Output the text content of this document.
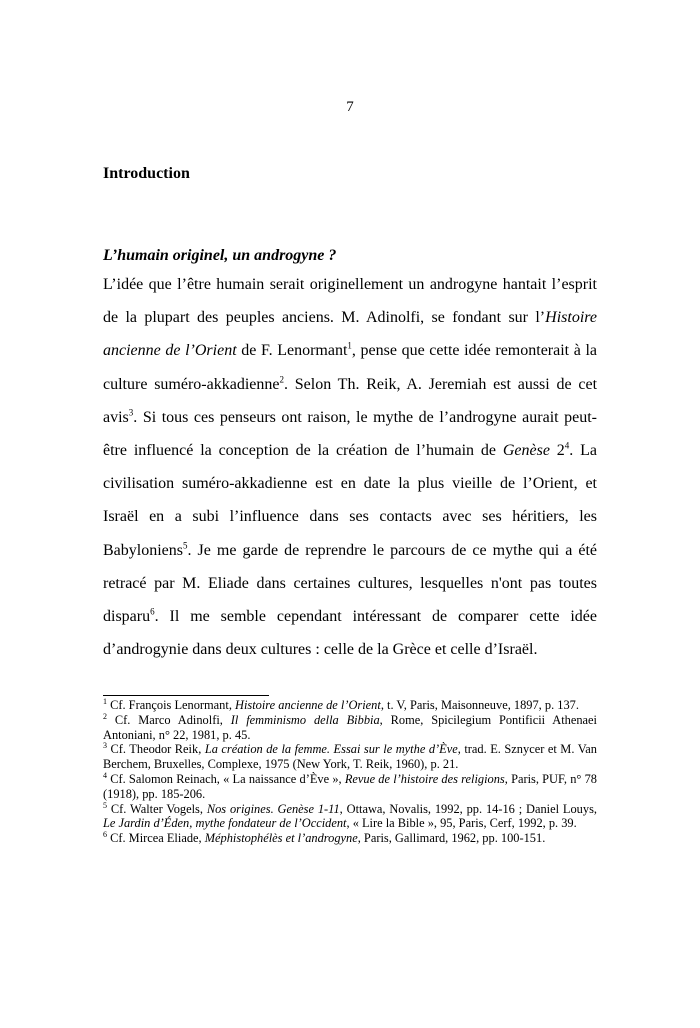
7
Introduction
L’humain originel, un androgyne ?

L’idée que l’être humain serait originellement un androgyne hantait l’esprit de la plupart des peuples anciens. M. Adinolfi, se fondant sur l’Histoire ancienne de l’Orient de F. Lenormant$^1$, pense que cette idée remonterait à la culture suméro-akkadienne$^2$. Selon Th. Reik, A. Jeremiah est aussi de cet avis$^3$. Si tous ces penseurs ont raison, le mythe de l’androgyne aurait peut-être influencé la conception de la création de l’humain de Genèse $2^4$. La civilisation suméro-akkadienne est en date la plus vieille de l’Orient, et Israël en a subi l’influence dans ses contacts avec ses héritiers, les Babyloniens$^5$. Je me garde de reprendre le parcours de ce mythe qui a été retracé par M. Eliade dans certaines cultures, lesquelles n'ont pas toutes disparu$^6$. Il me semble cependant intéressant de comparer cette idée d’androgynie dans deux cultures : celle de la Grèce et celle d’Israël.

$^1$ Cf. François Lenormant, Histoire ancienne de l’Orient, t. V, Paris, Maisonneuve, 1897, p. 137.

$^2$ Cf. Marco Adinolfi, Il femminismo della Bibbia, Rome, Spicilegium Pontificii Athenaei Antoniani, n° 22, 1981, p. 45.

$^3$ Cf. Theodor Reik, La création de la femme. Essai sur le mythe d’Ève, trad. E. Sznycer et M. Van Berchem, Bruxelles, Complexe, 1975 (New York, T. Reik, 1960), p. 21.

$^4$ Cf. Salomon Reinach, « La naissance d’Ève », Revue de l’histoire des religions, Paris, PUF, n° 78 (1918), pp. 185-206.

$^5$ Cf. Walter Vogels, Nos origines. Genèse 1-11, Ottawa, Novalis, 1992, pp. 14-16 ; Daniel Louys, Le Jardin d’Éden, mythe fondateur de l’Occident, « Lire la Bible », 95, Paris, Cerf, 1992, p. 39.

$^6$ Cf. Mircea Eliade, Méphistophélès et l’androgyne, Paris, Gallimard, 1962, pp. 100-151.
